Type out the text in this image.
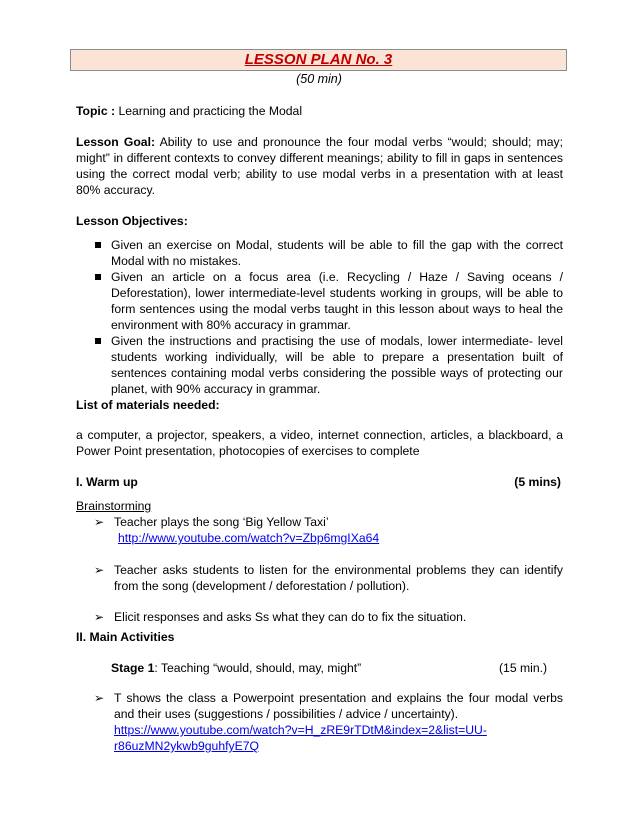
LESSON PLAN No. 3
(50 min)
Topic : Learning and practicing the Modal
Lesson Goal: Ability to use and pronounce the four modal verbs “would; should; may; might” in different contexts to convey different meanings; ability to fill in gaps in sentences using the correct modal verb; ability to use modal verbs in a presentation with at least 80% accuracy.
Lesson Objectives:
Given an exercise on Modal, students will be able to fill the gap with the correct Modal with no mistakes.
Given an article on a focus area (i.e. Recycling / Haze / Saving oceans / Deforestation), lower intermediate-level students working in groups, will be able to form sentences using the modal verbs taught in this lesson about ways to heal the environment with 80% accuracy in grammar.
Given the instructions and practising the use of modals, lower intermediate- level students working individually, will be able to prepare a presentation built of sentences containing modal verbs considering the possible ways of protecting our planet, with 90% accuracy in grammar.
List of materials needed:
a computer, a projector, speakers, a video, internet connection, articles, a blackboard, a Power Point presentation, photocopies of exercises to complete
I. Warm up	(5 mins)
Brainstorming
➢ Teacher plays the song ‘Big Yellow Taxi’
http://www.youtube.com/watch?v=Zbp6mgIXa64
➢ Teacher asks students to listen for the environmental problems they can identify from the song (development / deforestation / pollution).
➢ Elicit responses and asks Ss what they can do to fix the situation.
II. Main Activities
Stage 1: Teaching “would, should, may, might”	(15 min.)
➢ T shows the class a Powerpoint presentation and explains the four modal verbs and their uses (suggestions / possibilities / advice / uncertainty).
https://www.youtube.com/watch?v=H_zRE9rTDtM&index=2&list=UU-
r86uzMN2ykwb9guhfyE7Q
